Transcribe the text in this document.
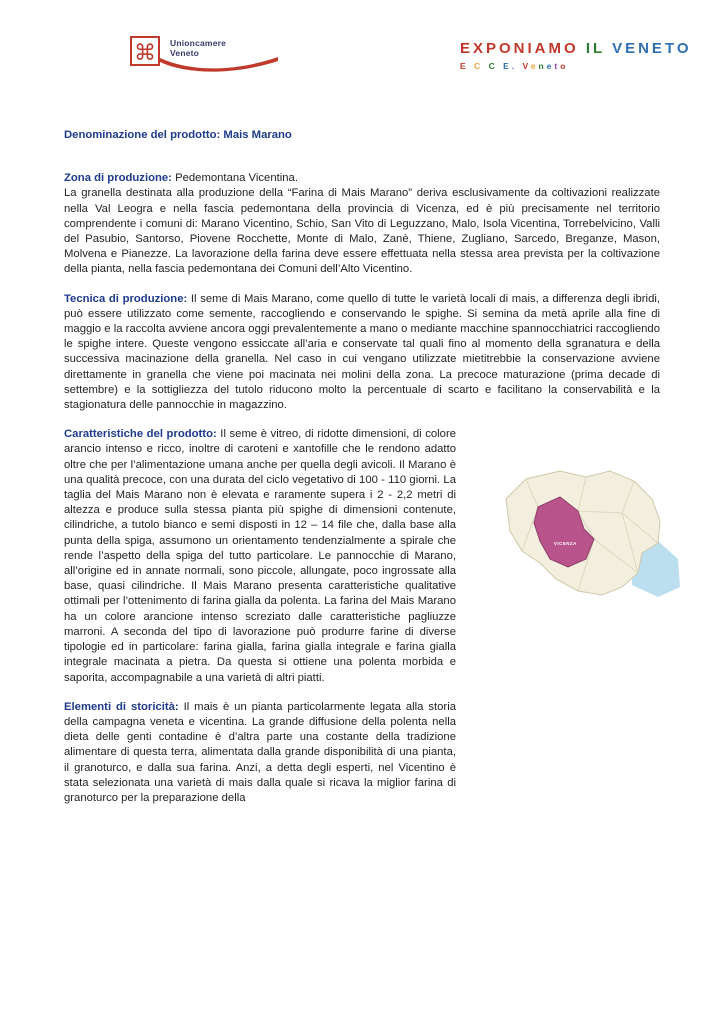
⌘	Unioncamere
Veneto	EXPONIAMO IL VENETO
E C C E. Veneto
Denominazione del prodotto: Mais Marano

Zona di produzione: Pedemontana Vicentina.
La granella destinata alla produzione della “Farina di Mais Marano” deriva esclusivamente da coltivazioni realizzate nella Val Leogra e nella fascia pedemontana della provincia di Vicenza, ed è più precisamente nel territorio comprendente i comuni di: Marano Vicentino, Schio, San Vito di Leguzzano, Malo, Isola Vicentina, Torrebelvicino, Valli del Pasubio, Santorso, Piovene Rocchette, Monte di Malo, Zanè, Thiene, Zugliano, Sarcedo, Breganze, Mason, Molvena e Pianezze. La lavorazione della farina deve essere effettuata nella stessa area prevista per la coltivazione della pianta, nella fascia pedemontana dei Comuni dell’Alto Vicentino.

Tecnica di produzione: Il seme di Mais Marano, come quello di tutte le varietà locali di mais, a differenza degli ibridi, può essere utilizzato come semente, raccogliendo e conservando le spighe. Si semina da metà aprile alla fine di maggio e la raccolta avviene ancora oggi prevalentemente a mano o mediante macchine spannocchiatrici raccogliendo le spighe intere. Queste vengono essiccate all’aria e conservate tal quali fino al momento della sgranatura e della successiva macinazione della granella. Nel caso in cui vengano utilizzate mietitrebbie la conservazione avviene direttamente in granella che viene poi macinata nei molini della zona. La precoce maturazione (prima decade di settembre) e la sottigliezza del tutolo riducono molto la percentuale di scarto e facilitano la conservabilità e la stagionatura delle pannocchie in magazzino.

Caratteristiche del prodotto: Il seme è vitreo, di ridotte dimensioni, di colore arancio intenso e ricco, inoltre di caroteni e xantofille che le rendono adatto oltre che per l’alimentazione umana anche per quella degli avicoli. Il Marano è una qualità precoce, con una durata del ciclo vegetativo di 100 - 110 giorni. La taglia del Mais Marano non è elevata e raramente supera i 2 - 2,2 metri di altezza e produce sulla stessa pianta più spighe di dimensioni contenute, cilindriche, a tutolo bianco e semi disposti in 12 – 14 file che, dalla base alla punta della spiga, assumono un orientamento tendenzialmente a spirale che rende l’aspetto della spiga del tutto particolare. Le pannocchie di Marano, all’origine ed in annate normali, sono piccole, allungate, poco ingrossate alla base, quasi cilindriche. Il Mais Marano presenta caratteristiche qualitative ottimali per l’ottenimento di farina gialla da polenta. La farina del Mais Marano ha un colore arancione intenso screziato dalle caratteristiche pagliuzze marroni. A seconda del tipo di lavorazione può produrre farine di diverse tipologie ed in particolare: farina gialla, farina gialla integrale e farina gialla integrale macinata a pietra. Da questa si ottiene una polenta morbida e saporita, accompagnabile a una varietà di altri piatti.

Elementi di storicità: Il mais è un pianta particolarmente legata alla storia della campagna veneta e vicentina. La grande diffusione della polenta nella dieta delle genti contadine è d’altra parte una costante della tradizione alimentare di questa terra, alimentata dalla grande disponibilità di una pianta, il granoturco, e dalla sua farina. Anzi, a detta degli esperti, nel Vicentino è stata selezionata una varietà di mais dalla quale si ricava la miglior farina di granoturco per la preparazione della

VICENZA
